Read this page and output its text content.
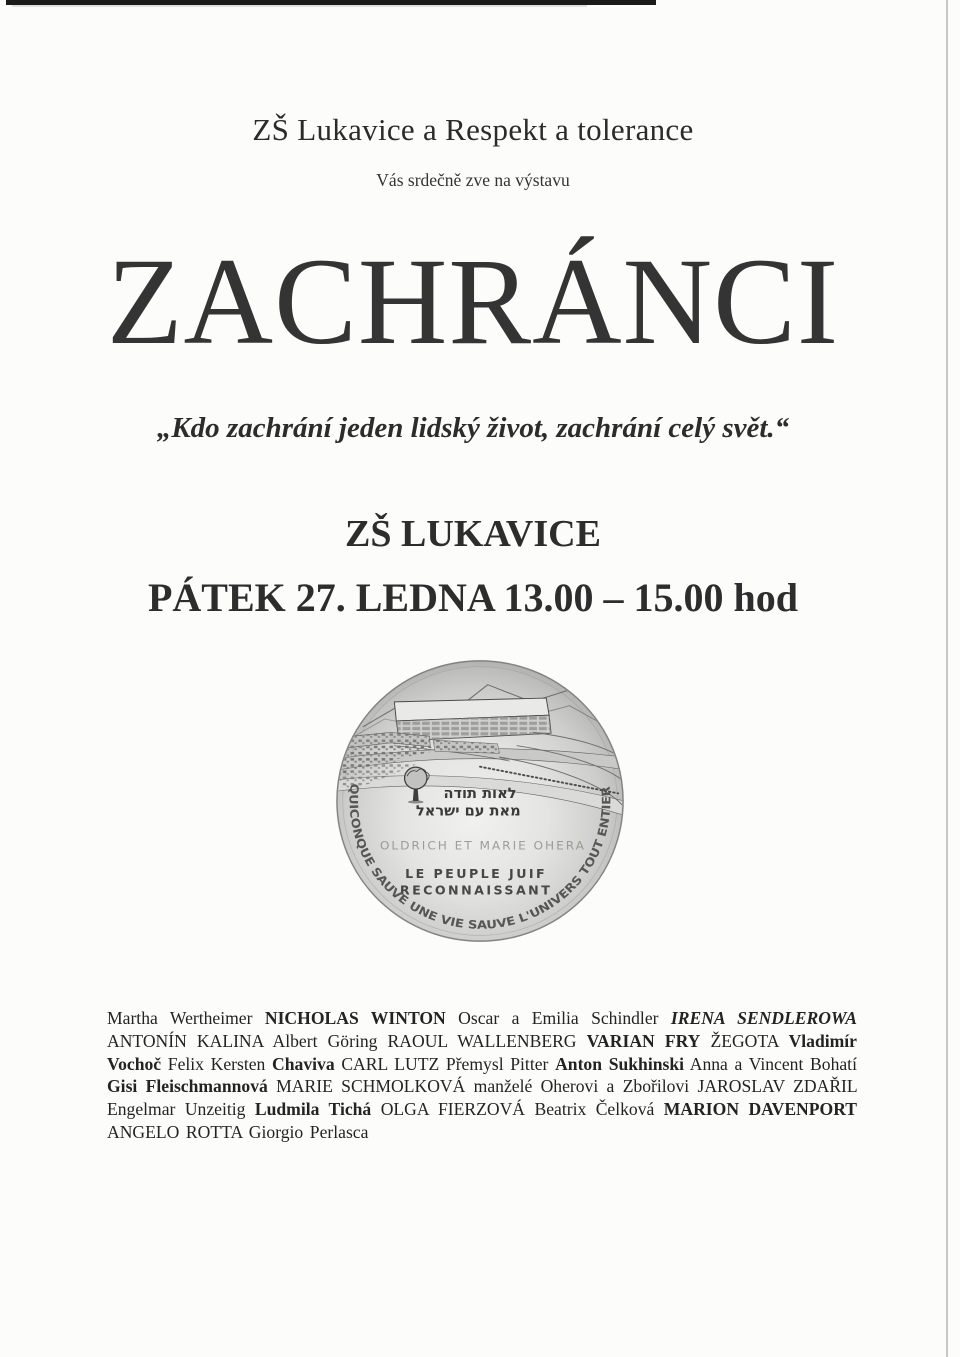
ZŠ Lukavice a Respekt a tolerance
Vás srdečně zve na výstavu
ZACHRÁNCI
„Kdo zachrání jeden lidský život, zachrání celý svět.“
ZŠ LUKAVICE
PÁTEK 27. LEDNA 13.00 – 15.00 hod
לאות תודה
מאת עם ישראל
OLDRICH ET MARIE OHERA
LE PEUPLE JUIF
RECONNAISSANT
QUICONQUE SAUVE UNE VIE SAUVE L'UNIVERS TOUT ENTIER

Martha Wertheimer NICHOLAS WINTON Oscar a Emilia Schindler IRENA SENDLEROWA ANTONÍN KALINA Albert Göring RAOUL WALLENBERG VARIAN FRY ŽEGOTA Vladimír Vochoč Felix Kersten Chaviva CARL LUTZ Přemysl Pitter Anton Sukhinski Anna a Vincent Bohatí Gisi Fleischmannová MARIE SCHMOLKOVÁ manželé Oherovi a Zbořilovi JAROSLAV ZDAŘIL Engelmar Unzeitig Ludmila Tichá OLGA FIERZOVÁ Beatrix Čelková MARION DAVENPORT ANGELO ROTTA Giorgio Perlasca
